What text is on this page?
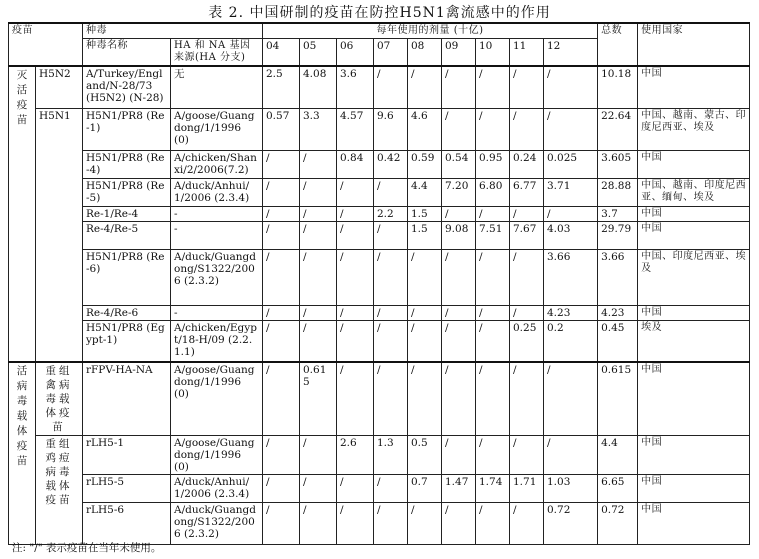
表 2. 中国研制的疫苗在防控H5N1禽流感中的作用
疫苗		种毒		每年使用的剂量 (十亿)									总数	使用国家
		种毒名称	HA 和 NA 基因来源(HA 分支)	04	05	06	07	08	09	10	11	12		

灭活疫苗	H5N2	A/Turkey/England/N-28/73 (H5N2) (N-28)	无	2.5	4.08	3.6	/	/	/	/	/	/	10.18	中国
	H5N1	H5N1/PR8 (Re-1)	A/goose/Guangdong/1/1996 (0)	0.57	3.3	4.57	9.6	4.6	/	/	/	/	22.64	中国、越南、蒙古、印度尼西亚、埃及
		H5N1/PR8 (Re-4)	A/chicken/Shanxi/2/2006(7.2)	/	/	0.84	0.42	0.59	0.54	0.95	0.24	0.025	3.605	中国
		H5N1/PR8 (Re-5)	A/duck/Anhui/1/2006 (2.3.4)	/	/	/	/	4.4	7.20	6.80	6.77	3.71	28.88	中国、越南、印度尼西亚、缅甸、埃及
		Re-1/Re-4	-	/	/	/	2.2	1.5	/	/	/	/	3.7	中国
		Re-4/Re-5	-	/	/	/	/	1.5	9.08	7.51	7.67	4.03	29.79	中国
		H5N1/PR8 (Re-6)	A/duck/Guangdong/S1322/2006 (2.3.2)	/	/	/	/	/	/	/	/	3.66	3.66	中国、印度尼西亚、埃及
		Re-4/Re-6	-	/	/	/	/	/	/	/	/	4.23	4.23	中国
		H5N1/PR8 (Egypt-1)	A/chicken/Egypt/18-H/09 (2.2.1.1)	/	/	/	/	/	/	/	0.25	0.2	0.45	埃及
活病毒载体疫苗	重组禽病毒载体疫苗	rFPV-HA-NA	A/goose/Guangdong/1/1996 (0)	/	0.615	/	/	/	/	/	/	/	0.615	中国
	重组鸡痘病毒载体疫苗	rLH5-1	A/goose/Guangdong/1/1996 (0)	/	/	2.6	1.3	0.5	/	/	/	/	4.4	中国
		rLH5-5	A/duck/Anhui/1/2006 (2.3.4)	/	/	/	/	0.7	1.47	1.74	1.71	1.03	6.65	中国
		rLH5-6	A/duck/Guangdong/S1322/2006 (2.3.2)	/	/	/	/	/	/	/	/	0.72	0.72	中国
注: "/" 表示疫苗在当年未使用。
